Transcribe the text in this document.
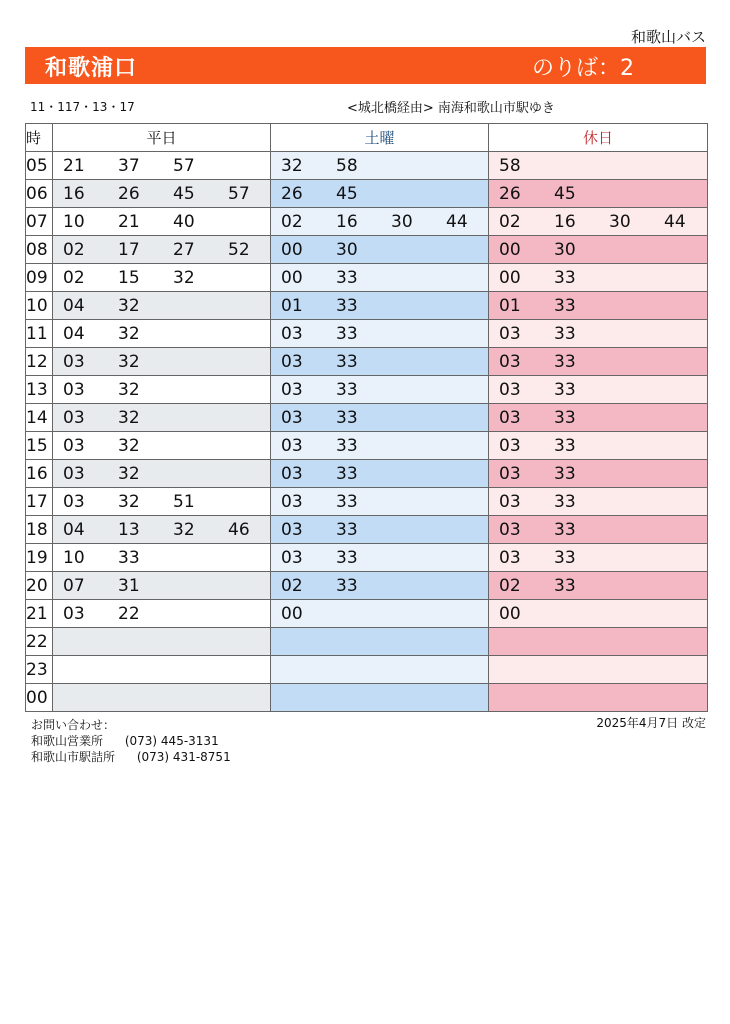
和歌山バス
和歌浦口	のりば：2
11・117・13・17	<城北橋経由> 南海和歌山市駅ゆき
時	平日	土曜	休日
05	21 37 57	32 58	58

06	16 26 45 57	26 45	26 45

07	10 21 40	02 16 30 44	02 16 30 44

08	02 17 27 52	00 30	00 30

09	02 15 32	00 33	00 33

10	04 32	01 33	01 33

11	04 32	03 33	03 33

12	03 32	03 33	03 33

13	03 32	03 33	03 33

14	03 32	03 33	03 33

15	03 32	03 33	03 33

16	03 32	03 33	03 33

17	03 32 51	03 33	03 33

18	04 13 32 46	03 33	03 33

19	10 33	03 33	03 33

20	07 31	02 33	02 33

21	03 22	00	00

22			
23			
00			
お問い合わせ：
和歌山営業所 (073) 445-3131
和歌山市駅詰所 (073) 431-8751
2025年4月7日 改定
